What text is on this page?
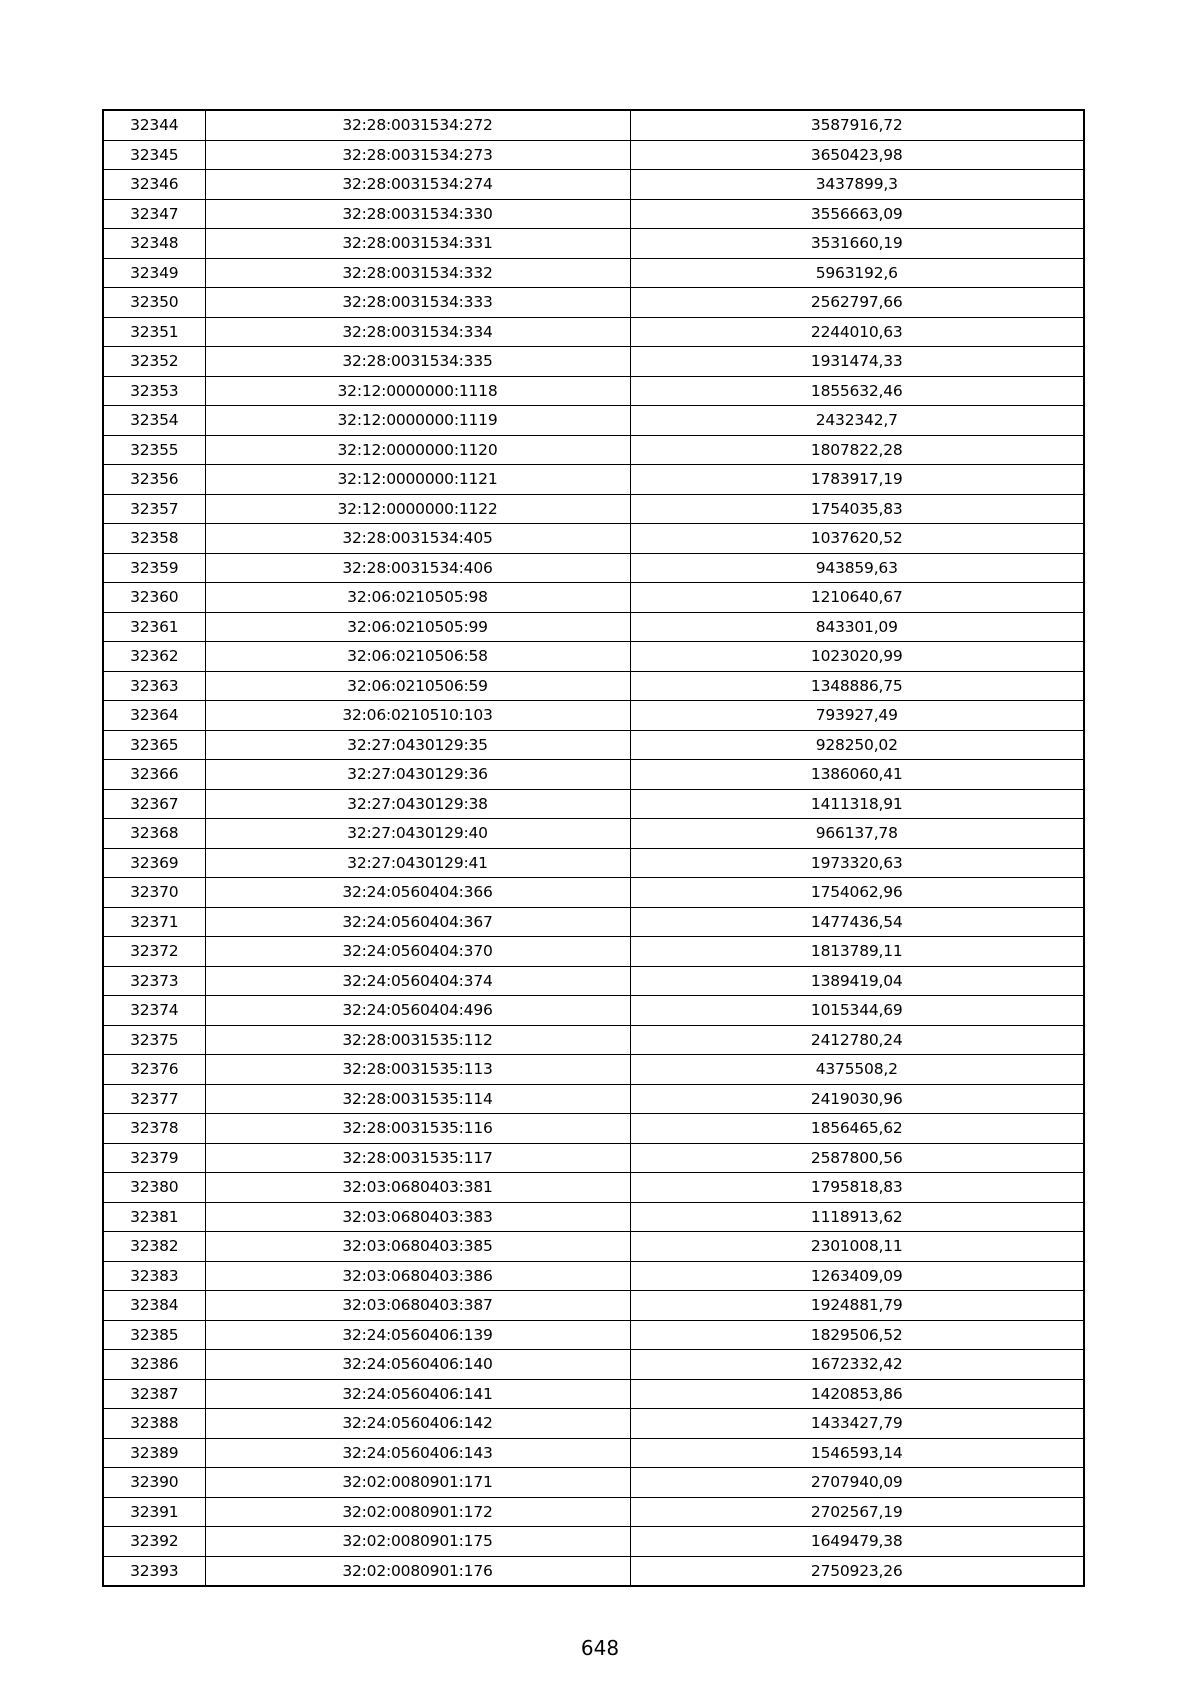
32344	32:28:0031534:272	3587916,72
32345	32:28:0031534:273	3650423,98
32346	32:28:0031534:274	3437899,3
32347	32:28:0031534:330	3556663,09
32348	32:28:0031534:331	3531660,19
32349	32:28:0031534:332	5963192,6
32350	32:28:0031534:333	2562797,66
32351	32:28:0031534:334	2244010,63
32352	32:28:0031534:335	1931474,33
32353	32:12:0000000:1118	1855632,46
32354	32:12:0000000:1119	2432342,7
32355	32:12:0000000:1120	1807822,28
32356	32:12:0000000:1121	1783917,19
32357	32:12:0000000:1122	1754035,83
32358	32:28:0031534:405	1037620,52
32359	32:28:0031534:406	943859,63
32360	32:06:0210505:98	1210640,67
32361	32:06:0210505:99	843301,09
32362	32:06:0210506:58	1023020,99
32363	32:06:0210506:59	1348886,75
32364	32:06:0210510:103	793927,49
32365	32:27:0430129:35	928250,02
32366	32:27:0430129:36	1386060,41
32367	32:27:0430129:38	1411318,91
32368	32:27:0430129:40	966137,78
32369	32:27:0430129:41	1973320,63
32370	32:24:0560404:366	1754062,96
32371	32:24:0560404:367	1477436,54
32372	32:24:0560404:370	1813789,11
32373	32:24:0560404:374	1389419,04
32374	32:24:0560404:496	1015344,69
32375	32:28:0031535:112	2412780,24
32376	32:28:0031535:113	4375508,2
32377	32:28:0031535:114	2419030,96
32378	32:28:0031535:116	1856465,62
32379	32:28:0031535:117	2587800,56
32380	32:03:0680403:381	1795818,83
32381	32:03:0680403:383	1118913,62
32382	32:03:0680403:385	2301008,11
32383	32:03:0680403:386	1263409,09
32384	32:03:0680403:387	1924881,79
32385	32:24:0560406:139	1829506,52
32386	32:24:0560406:140	1672332,42
32387	32:24:0560406:141	1420853,86
32388	32:24:0560406:142	1433427,79
32389	32:24:0560406:143	1546593,14
32390	32:02:0080901:171	2707940,09
32391	32:02:0080901:172	2702567,19
32392	32:02:0080901:175	1649479,38
32393	32:02:0080901:176	2750923,26
648
